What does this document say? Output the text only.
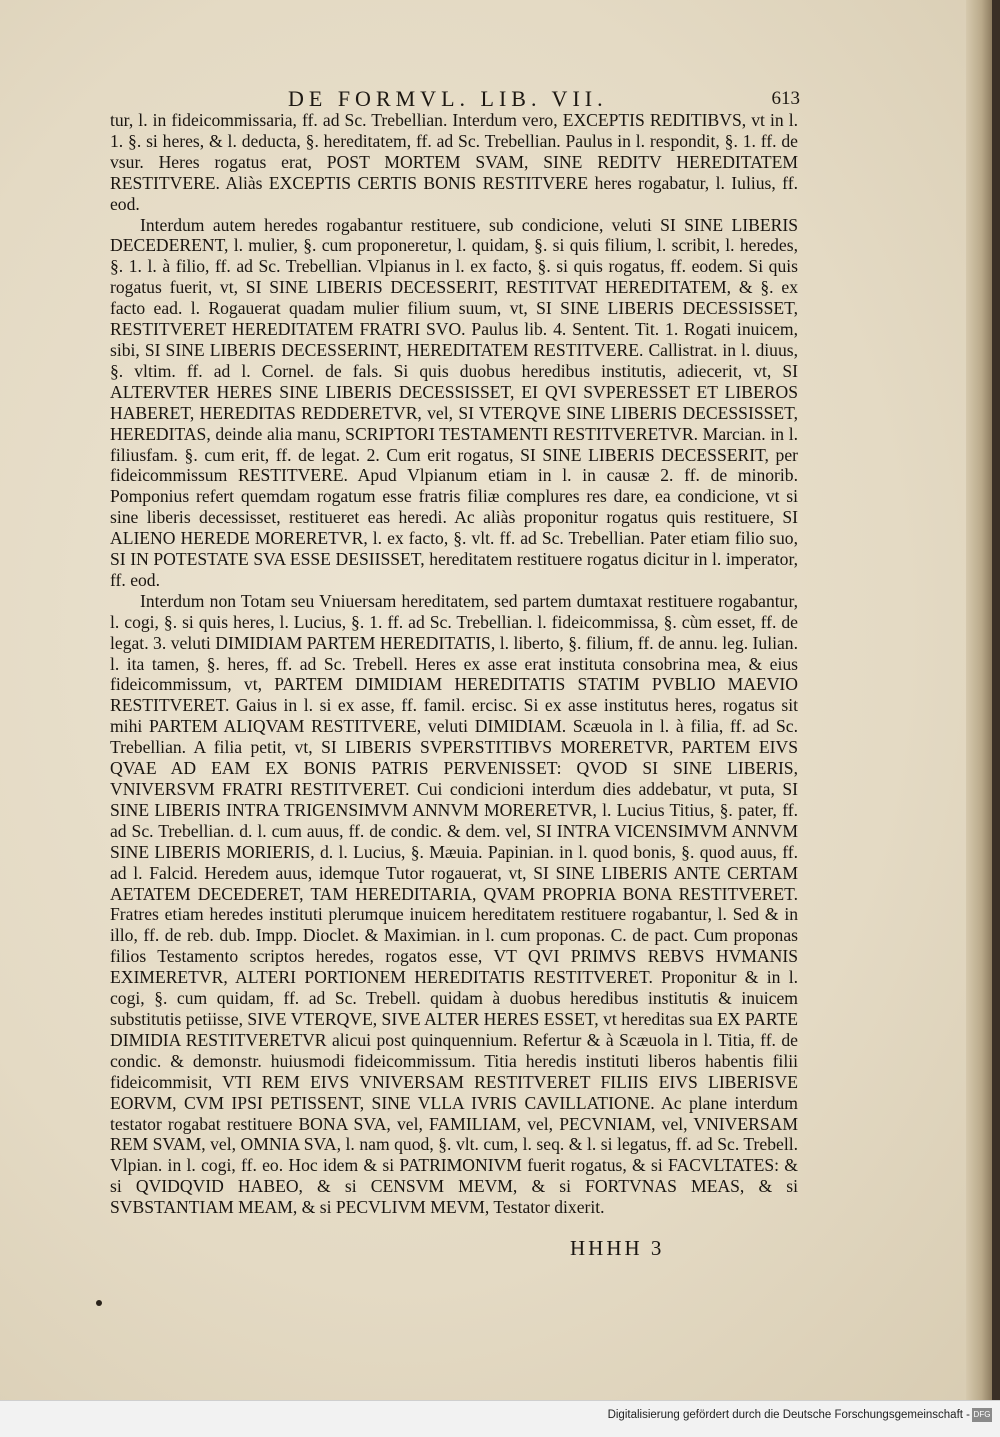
DE FORMVL. LIB. VII.	613

tur, l. in fideicommissaria, ff. ad Sc. Trebellian. Interdum vero, EXCEPTIS REDITIBVS, vt in l. 1. §. si heres, & l. deducta, §. hereditatem, ff. ad Sc. Trebellian. Paulus in l. respondit, §. 1. ff. de vsur. Heres rogatus erat, POST MORTEM SVAM, SINE REDITV HEREDITATEM RESTITVERE. Aliàs EXCEPTIS CERTIS BONIS RESTITVERE heres rogabatur, l. Iulius, ff. eod.

Interdum autem heredes rogabantur restituere, sub condicione, veluti SI SINE LIBERIS DECEDERENT, l. mulier, §. cum proponeretur, l. quidam, §. si quis filium, l. scribit, l. heredes, §. 1. l. à filio, ff. ad Sc. Trebellian. Vlpianus in l. ex facto, §. si quis rogatus, ff. eodem. Si quis rogatus fuerit, vt, SI SINE LIBERIS DECESSERIT, RESTITVAT HEREDITATEM, & §. ex facto ead. l. Rogauerat quadam mulier filium suum, vt, SI SINE LIBERIS DECESSISSET, RESTITVERET HEREDITATEM FRATRI SVO. Paulus lib. 4. Sentent. Tit. 1. Rogati inuicem, sibi, SI SINE LIBERIS DECESSERINT, HEREDITATEM RESTITVERE. Callistrat. in l. diuus, §. vltim. ff. ad l. Cornel. de fals. Si quis duobus heredibus institutis, adiecerit, vt, SI ALTERVTER HERES SINE LIBERIS DECESSISSET, EI QVI SVPERESSET ET LIBEROS HABERET, HEREDITAS REDDERETVR, vel, SI VTERQVE SINE LIBERIS DECESSISSET, HEREDITAS, deinde alia manu, SCRIPTORI TESTAMENTI RESTITVERETVR. Marcian. in l. filiusfam. §. cum erit, ff. de legat. 2. Cum erit rogatus, SI SINE LIBERIS DECESSERIT, per fideicommissum RESTITVERE. Apud Vlpianum etiam in l. in causæ 2. ff. de minorib. Pomponius refert quemdam rogatum esse fratris filiæ complures res dare, ea condicione, vt si sine liberis decessisset, restitueret eas heredi. Ac aliàs proponitur rogatus quis restituere, SI ALIENO HEREDE MORERETVR, l. ex facto, §. vlt. ff. ad Sc. Trebellian. Pater etiam filio suo, SI IN POTESTATE SVA ESSE DESIISSET, hereditatem restituere rogatus dicitur in l. imperator, ff. eod.

Interdum non Totam seu Vniuersam hereditatem, sed partem dumtaxat restituere rogabantur, l. cogi, §. si quis heres, l. Lucius, §. 1. ff. ad Sc. Trebellian. l. fideicommissa, §. cùm esset, ff. de legat. 3. veluti DIMIDIAM PARTEM HEREDITATIS, l. liberto, §. filium, ff. de annu. leg. Iulian. l. ita tamen, §. heres, ff. ad Sc. Trebell. Heres ex asse erat instituta consobrina mea, & eius fideicommissum, vt, PARTEM DIMIDIAM HEREDITATIS STATIM PVBLIO MAEVIO RESTITVERET. Gaius in l. si ex asse, ff. famil. ercisc. Si ex asse institutus heres, rogatus sit mihi PARTEM ALIQVAM RESTITVERE, veluti DIMIDIAM. Scæuola in l. à filia, ff. ad Sc. Trebellian. A filia petit, vt, SI LIBERIS SVPERSTITIBVS MORERETVR, PARTEM EIVS QVAE AD EAM EX BONIS PATRIS PERVENISSET: QVOD SI SINE LIBERIS, VNIVERSVM FRATRI RESTITVERET. Cui condicioni interdum dies addebatur, vt puta, SI SINE LIBERIS INTRA TRIGENSIMVM ANNVM MORERETVR, l. Lucius Titius, §. pater, ff. ad Sc. Trebellian. d. l. cum auus, ff. de condic. & dem. vel, SI INTRA VICENSIMVM ANNVM SINE LIBERIS MORIERIS, d. l. Lucius, §. Mæuia. Papinian. in l. quod bonis, §. quod auus, ff. ad l. Falcid. Heredem auus, idemque Tutor rogauerat, vt, SI SINE LIBERIS ANTE CERTAM AETATEM DECEDERET, TAM HEREDITARIA, QVAM PROPRIA BONA RESTITVERET. Fratres etiam heredes instituti plerumque inuicem hereditatem restituere rogabantur, l. Sed & in illo, ff. de reb. dub. Impp. Dioclet. & Maximian. in l. cum proponas. C. de pact. Cum proponas filios Testamento scriptos heredes, rogatos esse, VT QVI PRIMVS REBVS HVMANIS EXIMERETVR, ALTERI PORTIONEM HEREDITATIS RESTITVERET. Proponitur & in l. cogi, §. cum quidam, ff. ad Sc. Trebell. quidam à duobus heredibus institutis & inuicem substitutis petiisse, SIVE VTERQVE, SIVE ALTER HERES ESSET, vt hereditas sua EX PARTE DIMIDIA RESTITVERETVR alicui post quinquennium. Refertur & à Scæuola in l. Titia, ff. de condic. & demonstr. huiusmodi fideicommissum. Titia heredis instituti liberos habentis filii fideicommisit, VTI REM EIVS VNIVERSAM RESTITVERET FILIIS EIVS LIBERISVE EORVM, CVM IPSI PETISSENT, SINE VLLA IVRIS CAVILLATIONE. Ac plane interdum testator rogabat restituere BONA SVA, vel, FAMILIAM, vel, PECVNIAM, vel, VNIVERSAM REM SVAM, vel, OMNIA SVA, l. nam quod, §. vlt. cum, l. seq. & l. si legatus, ff. ad Sc. Trebell. Vlpian. in l. cogi, ff. eo. Hoc idem & si PATRIMONIVM fuerit rogatus, & si FACVLTATES: & si QVIDQVID HABEO, & si CENSVM MEVM, & si FORTVNAS MEAS, & si SVBSTANTIAM MEAM, & si PECVLIVM MEVM, Testator dixerit.

HHHH 3
Digitalisierung gefördert durch die Deutsche Forschungsgemeinschaft - DFG
